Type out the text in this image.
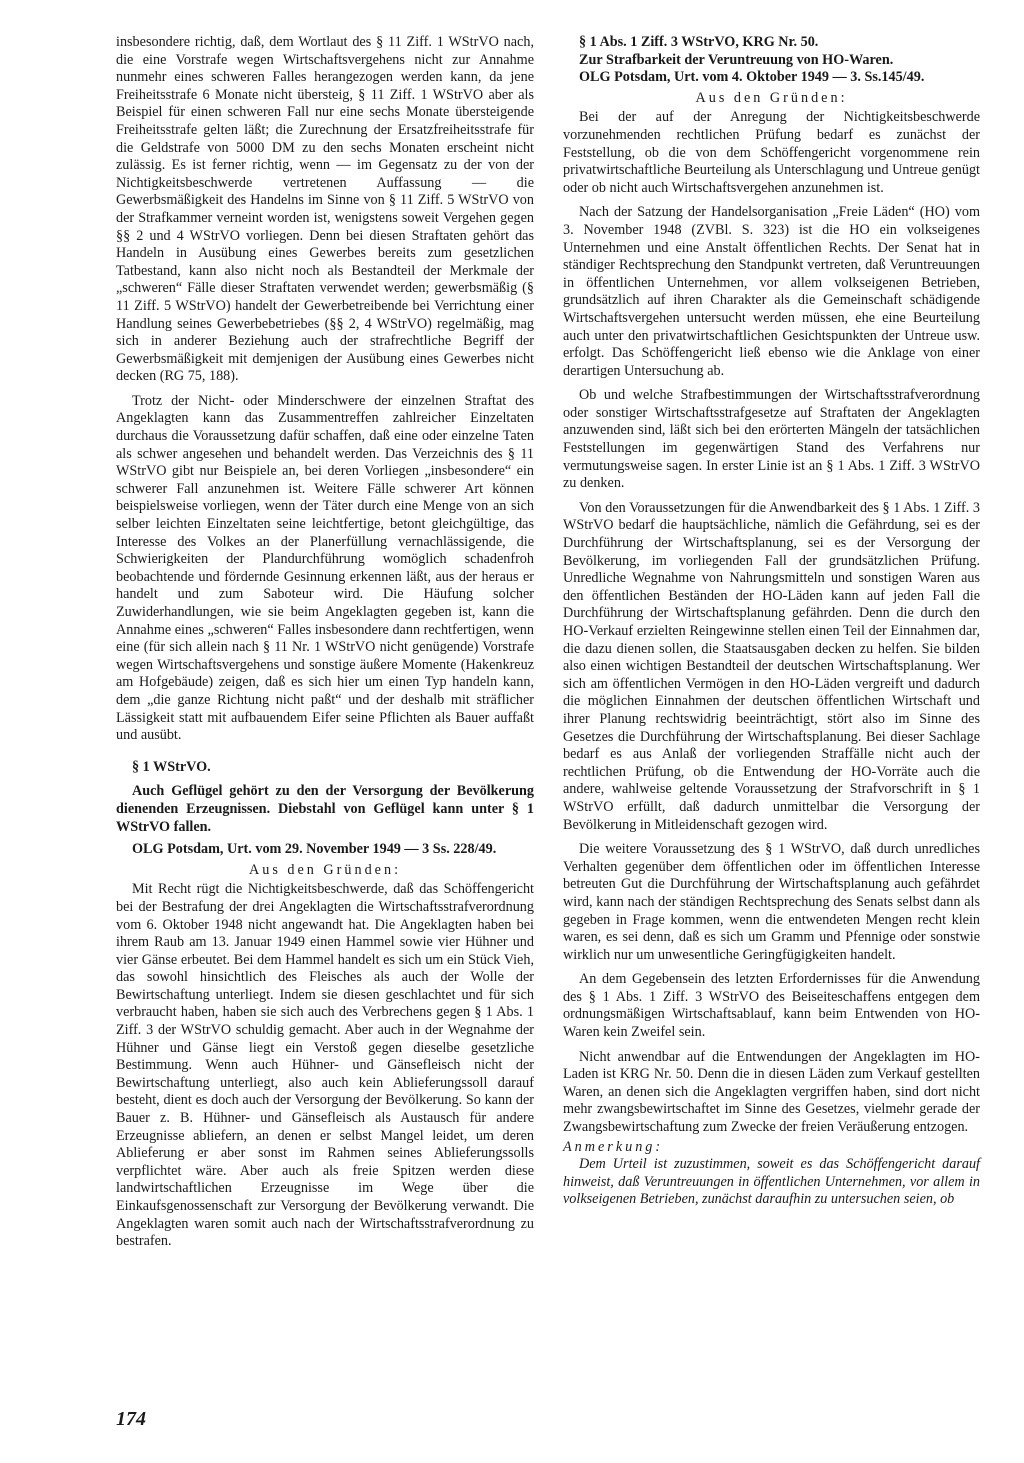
insbesondere richtig, daß, dem Wortlaut des § 11 Ziff. 1 WStrVO nach, die eine Vorstrafe wegen Wirtschaftsvergehens nicht zur Annahme nunmehr eines schweren Falles herangezogen werden kann, da jene Freiheitsstrafe 6 Monate nicht übersteig, § 11 Ziff. 1 WStrVO aber als Beispiel für einen schweren Fall nur eine sechs Monate übersteigende Freiheitsstrafe gelten läßt; die Zurechnung der Ersatzfreiheitsstrafe für die Geldstrafe von 5000 DM zu den sechs Monaten erscheint nicht zulässig. Es ist ferner richtig, wenn — im Gegensatz zu der von der Nichtigkeitsbeschwerde vertretenen Auffassung — die Gewerbsmäßigkeit des Handelns im Sinne von § 11 Ziff. 5 WStrVO von der Strafkammer verneint worden ist, wenigstens soweit Vergehen gegen §§ 2 und 4 WStrVO vorliegen. Denn bei diesen Straftaten gehört das Handeln in Ausübung eines Gewerbes bereits zum gesetzlichen Tatbestand, kann also nicht noch als Bestandteil der Merkmale der „schweren“ Fälle dieser Straftaten verwendet werden; gewerbsmäßig (§ 11 Ziff. 5 WStrVO) handelt der Gewerbetreibende bei Verrichtung einer Handlung seines Gewerbebetriebes (§§ 2, 4 WStrVO) regelmäßig, mag sich in anderer Beziehung auch der strafrechtliche Begriff der Gewerbsmäßigkeit mit demjenigen der Ausübung eines Gewerbes nicht decken (RG 75, 188).

Trotz der Nicht- oder Minderschwere der einzelnen Straftat des Angeklagten kann das Zusammentreffen zahlreicher Einzeltaten durchaus die Voraussetzung dafür schaffen, daß eine oder einzelne Taten als schwer angesehen und behandelt werden. Das Verzeichnis des § 11 WStrVO gibt nur Beispiele an, bei deren Vorliegen „insbesondere“ ein schwerer Fall anzunehmen ist. Weitere Fälle schwerer Art können beispielsweise vorliegen, wenn der Täter durch eine Menge von an sich selber leichten Einzeltaten seine leichtfertige, betont gleichgültige, das Interesse des Volkes an der Planerfüllung vernachlässigende, die Schwierigkeiten der Plandurchführung womöglich schadenfroh beobachtende und fördernde Gesinnung erkennen läßt, aus der heraus er handelt und zum Saboteur wird. Die Häufung solcher Zuwiderhandlungen, wie sie beim Angeklagten gegeben ist, kann die Annahme eines „schweren“ Falles insbesondere dann rechtfertigen, wenn eine (für sich allein nach § 11 Nr. 1 WStrVO nicht genügende) Vorstrafe wegen Wirtschaftsvergehens und sonstige äußere Momente (Hakenkreuz am Hofgebäude) zeigen, daß es sich hier um einen Typ handeln kann, dem „die ganze Richtung nicht paßt“ und der deshalb mit sträflicher Lässigkeit statt mit aufbauendem Eifer seine Pflichten als Bauer auffaßt und ausübt.

§ 1 WStrVO.

Auch Geflügel gehört zu den der Versorgung der Bevölkerung dienenden Erzeugnissen. Diebstahl von Geflügel kann unter § 1 WStrVO fallen.

OLG Potsdam, Urt. vom 29. November 1949 — 3 Ss. 228/49.

Aus den Gründen:

Mit Recht rügt die Nichtigkeitsbeschwerde, daß das Schöffengericht bei der Bestrafung der drei Angeklagten die Wirtschaftsstrafverordnung vom 6. Oktober 1948 nicht angewandt hat. Die Angeklagten haben bei ihrem Raub am 13. Januar 1949 einen Hammel sowie vier Hühner und vier Gänse erbeutet. Bei dem Hammel handelt es sich um ein Stück Vieh, das sowohl hinsichtlich des Fleisches als auch der Wolle der Bewirtschaftung unterliegt. Indem sie diesen geschlachtet und für sich verbraucht haben, haben sie sich auch des Verbrechens gegen § 1 Abs. 1 Ziff. 3 der WStrVO schuldig gemacht. Aber auch in der Wegnahme der Hühner und Gänse liegt ein Verstoß gegen dieselbe gesetzliche Bestimmung. Wenn auch Hühner- und Gänsefleisch nicht der Bewirtschaftung unterliegt, also auch kein Ablieferungssoll darauf besteht, dient es doch auch der Versorgung der Bevölkerung. So kann der Bauer z. B. Hühner- und Gänsefleisch als Austausch für andere Erzeugnisse abliefern, an denen er selbst Mangel leidet, um deren Ablieferung er aber sonst im Rahmen seines Ablieferungssolls verpflichtet wäre. Aber auch als freie Spitzen werden diese landwirtschaftlichen Erzeugnisse im Wege über die Einkaufsgenossenschaft zur Versorgung der Bevölkerung verwandt. Die Angeklagten waren somit auch nach der Wirtschaftsstrafverordnung zu bestrafen.

§ 1 Abs. 1 Ziff. 3 WStrVO, KRG Nr. 50.

Zur Strafbarkeit der Veruntreuung von HO-Waren.

OLG Potsdam, Urt. vom 4. Oktober 1949 — 3. Ss.145/49.

Aus den Gründen:

Bei der auf der Anregung der Nichtigkeitsbeschwerde vorzunehmenden rechtlichen Prüfung bedarf es zunächst der Feststellung, ob die von dem Schöffengericht vorgenommene rein privatwirtschaftliche Beurteilung als Unterschlagung und Untreue genügt oder ob nicht auch Wirtschaftsvergehen anzunehmen ist.

Nach der Satzung der Handelsorganisation „Freie Läden“ (HO) vom 3. November 1948 (ZVBl. S. 323) ist die HO ein volkseigenes Unternehmen und eine Anstalt öffentlichen Rechts. Der Senat hat in ständiger Rechtsprechung den Standpunkt vertreten, daß Veruntreuungen in öffentlichen Unternehmen, vor allem volkseigenen Betrieben, grundsätzlich auf ihren Charakter als die Gemeinschaft schädigende Wirtschaftsvergehen untersucht werden müssen, ehe eine Beurteilung auch unter den privatwirtschaftlichen Gesichtspunkten der Untreue usw. erfolgt. Das Schöffengericht ließ ebenso wie die Anklage von einer derartigen Untersuchung ab.

Ob und welche Strafbestimmungen der Wirtschaftsstrafverordnung oder sonstiger Wirtschaftsstrafgesetze auf Straftaten der Angeklagten anzuwenden sind, läßt sich bei den erörterten Mängeln der tatsächlichen Feststellungen im gegenwärtigen Stand des Verfahrens nur vermutungsweise sagen. In erster Linie ist an § 1 Abs. 1 Ziff. 3 WStrVO zu denken.

Von den Voraussetzungen für die Anwendbarkeit des § 1 Abs. 1 Ziff. 3 WStrVO bedarf die hauptsächliche, nämlich die Gefährdung, sei es der Durchführung der Wirtschaftsplanung, sei es der Versorgung der Bevölkerung, im vorliegenden Fall der grundsätzlichen Prüfung. Unredliche Wegnahme von Nahrungsmitteln und sonstigen Waren aus den öffentlichen Beständen der HO-Läden kann auf jeden Fall die Durchführung der Wirtschaftsplanung gefährden. Denn die durch den HO-Verkauf erzielten Reingewinne stellen einen Teil der Einnahmen dar, die dazu dienen sollen, die Staatsausgaben decken zu helfen. Sie bilden also einen wichtigen Bestandteil der deutschen Wirtschaftsplanung. Wer sich am öffentlichen Vermögen in den HO-Läden vergreift und dadurch die möglichen Einnahmen der deutschen öffentlichen Wirtschaft und ihrer Planung rechtswidrig beeinträchtigt, stört also im Sinne des Gesetzes die Durchführung der Wirtschaftsplanung. Bei dieser Sachlage bedarf es aus Anlaß der vorliegenden Straffälle nicht auch der rechtlichen Prüfung, ob die Entwendung der HO-Vorräte auch die andere, wahlweise geltende Voraussetzung der Strafvorschrift in § 1 WStrVO erfüllt, daß dadurch unmittelbar die Versorgung der Bevölkerung in Mitleidenschaft gezogen wird.

Die weitere Voraussetzung des § 1 WStrVO, daß durch unredliches Verhalten gegenüber dem öffentlichen oder im öffentlichen Interesse betreuten Gut die Durchführung der Wirtschaftsplanung auch gefährdet wird, kann nach der ständigen Rechtsprechung des Senats selbst dann als gegeben in Frage kommen, wenn die entwendeten Mengen recht klein waren, es sei denn, daß es sich um Gramm und Pfennige oder sonstwie wirklich nur um unwesentliche Geringfügigkeiten handelt.

An dem Gegebensein des letzten Erfordernisses für die Anwendung des § 1 Abs. 1 Ziff. 3 WStrVO des Beiseiteschaffens entgegen dem ordnungsmäßigen Wirtschaftsablauf, kann beim Entwenden von HO-Waren kein Zweifel sein.

Nicht anwendbar auf die Entwendungen der Angeklagten im HO-Laden ist KRG Nr. 50. Denn die in diesen Läden zum Verkauf gestellten Waren, an denen sich die Angeklagten vergriffen haben, sind dort nicht mehr zwangsbewirtschaftet im Sinne des Gesetzes, vielmehr gerade der Zwangsbewirtschaftung zum Zwecke der freien Veräußerung entzogen.

Anmerkung:

Dem Urteil ist zuzustimmen, soweit es das Schöffengericht darauf hinweist, daß Veruntreuungen in öffentlichen Unternehmen, vor allem in volkseigenen Betrieben, zunächst daraufhin zu untersuchen seien, ob

174
